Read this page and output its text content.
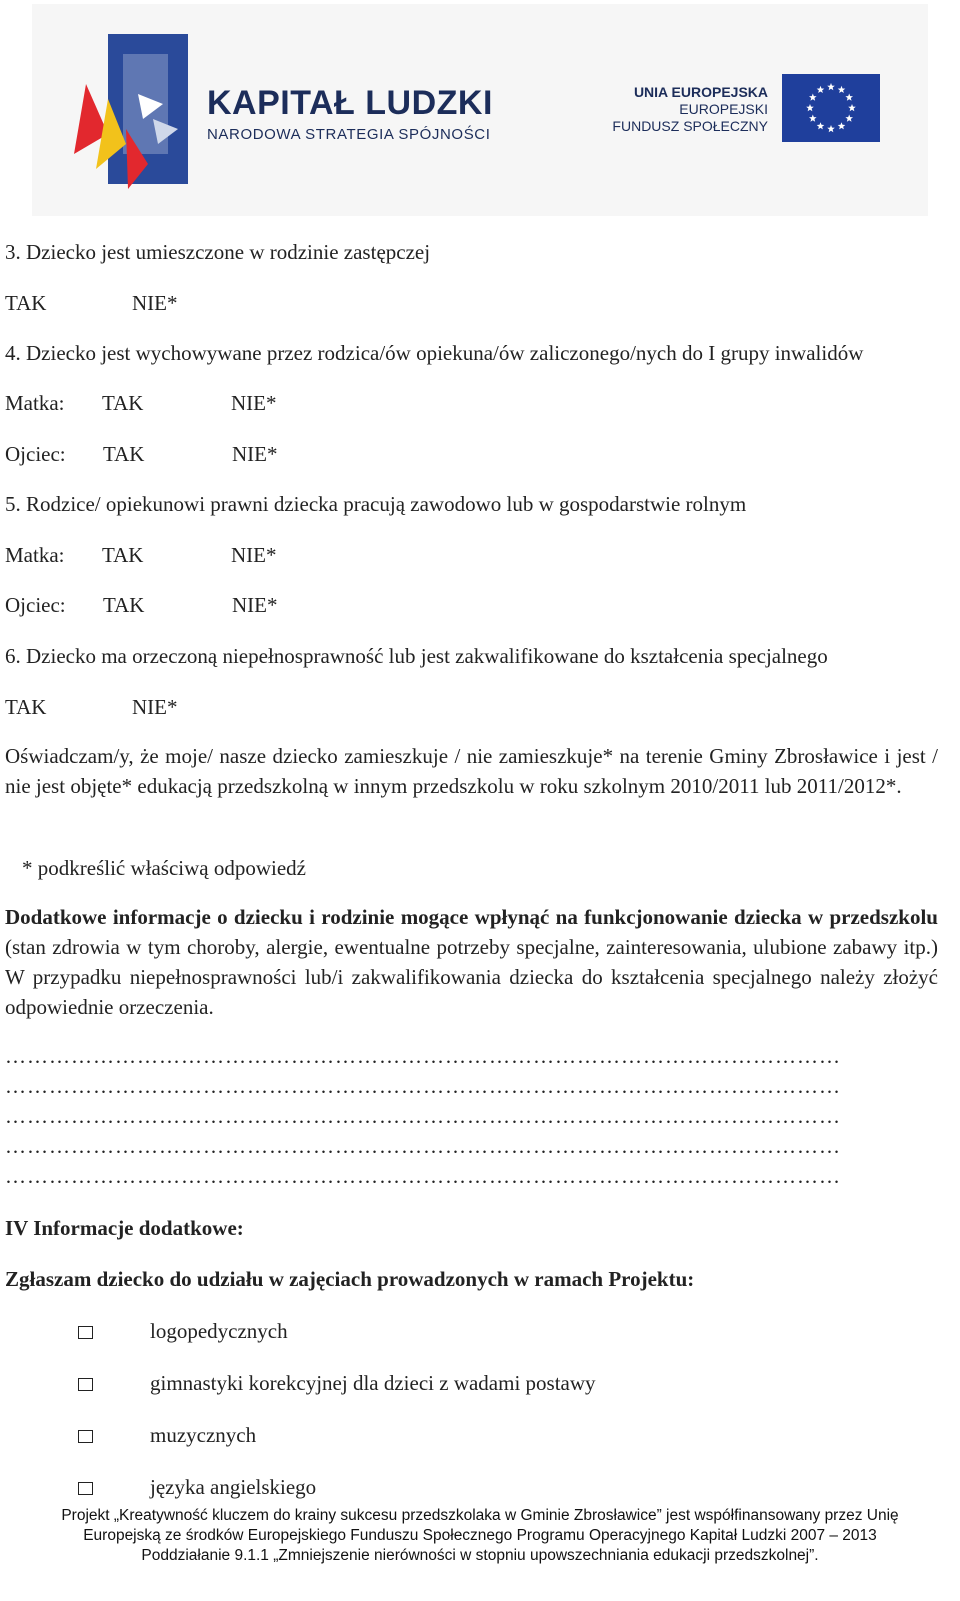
KAPITAŁ LUDZKI
NARODOWA STRATEGIA SPÓJNOŚCI
UNIA EUROPEJSKA
EUROPEJSKI
FUNDUSZ SPOŁECZNY
3. Dziecko jest umieszczone w rodzinie zastępczej
TAK	NIE*
4. Dziecko jest wychowywane przez rodzica/ów opiekuna/ów zaliczonego/nych do I grupy inwalidów
Matka: TAK	NIE*
Ojciec: TAK	NIE*
5. Rodzice/ opiekunowi prawni dziecka pracują zawodowo lub w gospodarstwie rolnym
Matka: TAK	NIE*
Ojciec: TAK	NIE*
6. Dziecko ma orzeczoną niepełnosprawność lub jest zakwalifikowane do kształcenia specjalnego
TAK	NIE*
Oświadczam/y, że moje/ nasze dziecko zamieszkuje / nie zamieszkuje* na terenie Gminy Zbrosławice i jest / nie jest objęte* edukacją przedszkolną w innym przedszkolu w roku szkolnym 2010/2011 lub 2011/2012*.
* podkreślić właściwą odpowiedź
Dodatkowe informacje o dziecku i rodzinie mogące wpłynąć na funkcjonowanie dziecka w przedszkolu (stan zdrowia w tym choroby, alergie, ewentualne potrzeby specjalne, zainteresowania, ulubione zabawy itp.) W przypadku niepełnosprawności lub/i zakwalifikowania dziecka do kształcenia specjalnego należy złożyć odpowiednie orzeczenia.
……………………………………………………………………………………………………
……………………………………………………………………………………………………
……………………………………………………………………………………………………
……………………………………………………………………………………………………
……………………………………………………………………………………………………
IV Informacje dodatkowe:
Zgłaszam dziecko do udziału w zajęciach prowadzonych w ramach Projektu:
logopedycznych
gimnastyki korekcyjnej dla dzieci z wadami postawy
muzycznych
języka angielskiego
Projekt „Kreatywność kluczem do krainy sukcesu przedszkolaka w Gminie Zbrosławice” jest współfinansowany przez Unię
Europejską ze środków Europejskiego Funduszu Społecznego Programu Operacyjnego Kapitał Ludzki 2007 – 2013
Poddziałanie 9.1.1 „Zmniejszenie nierówności w stopniu upowszechniania edukacji przedszkolnej”.
